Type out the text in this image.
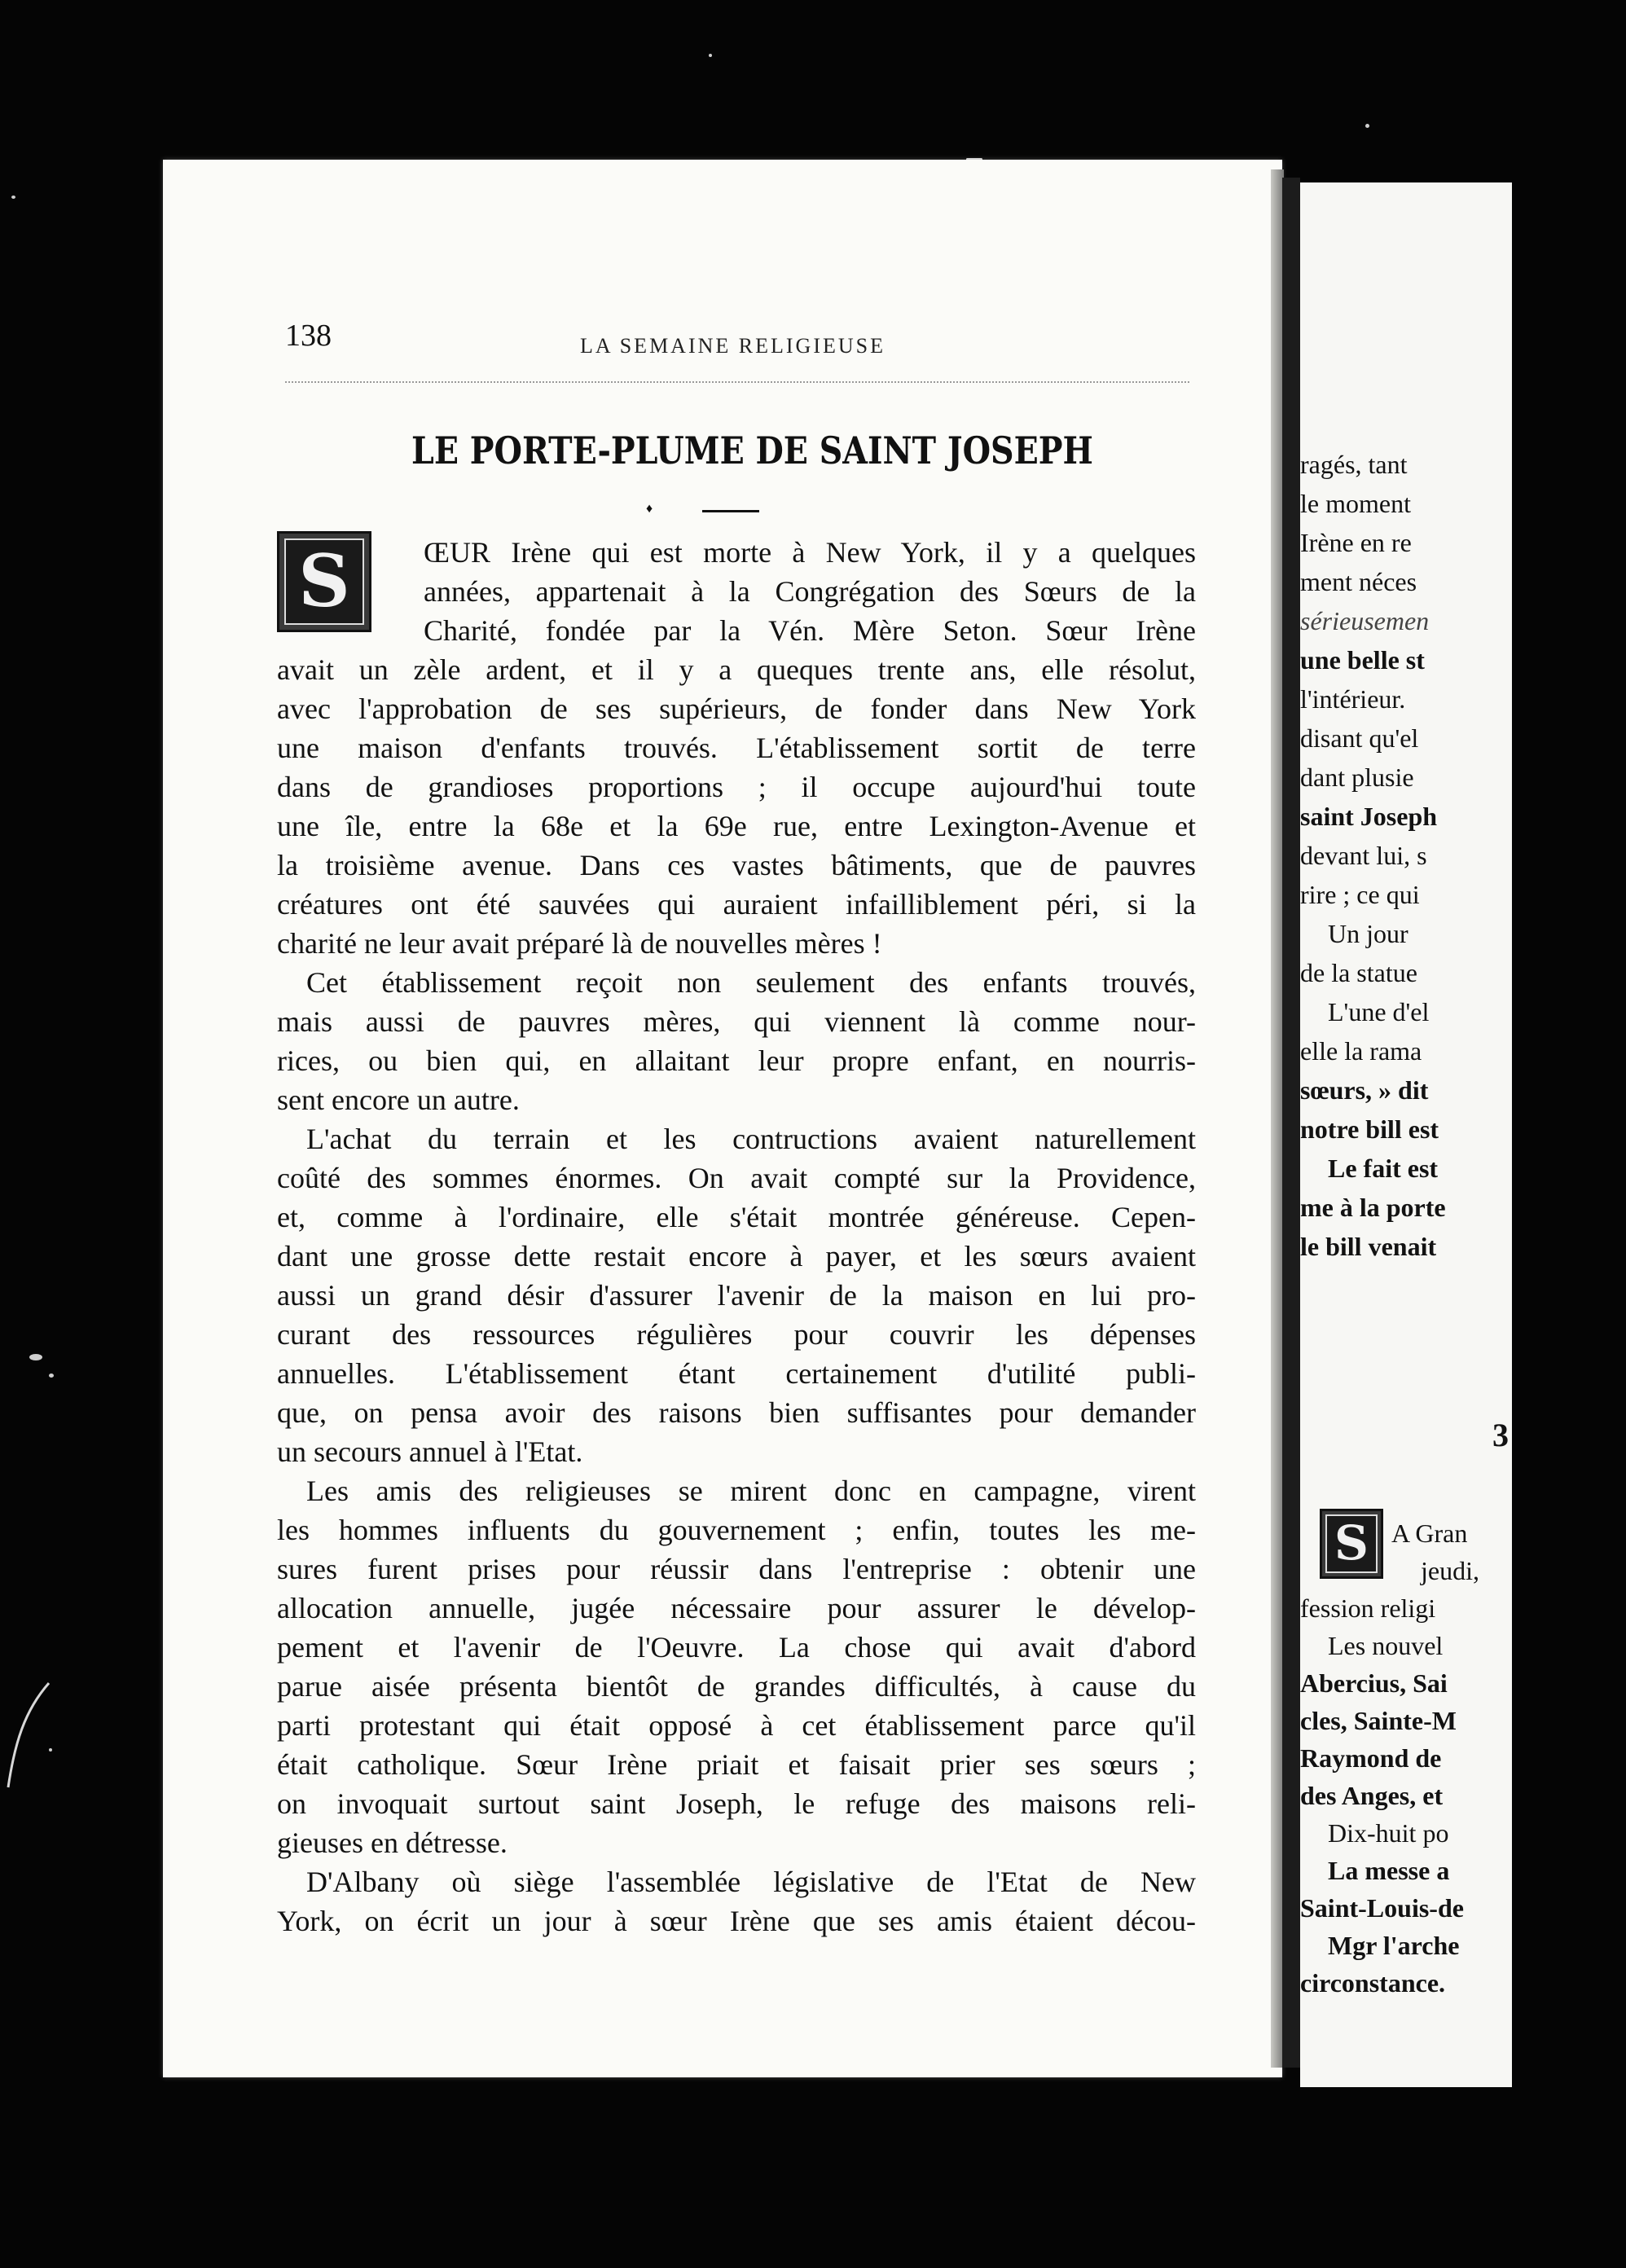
138	LA SEMAINE RELIGIEUSE
LE PORTE-PLUME DE SAINT JOSEPH
♦
S	ŒUR Irène qui est morte à New York, il y a quelques
années, appartenait à la Congrégation des Sœurs de la
Charité, fondée par la Vén. Mère Seton. Sœur Irène
avait un zèle ardent, et il y a queques trente ans, elle résolut,
avec l'approbation de ses supérieurs, de fonder dans New York
une maison d'enfants trouvés. L'établissement sortit de terre
dans de grandioses proportions ; il occupe aujourd'hui toute
une île, entre la 68e et la 69e rue, entre Lexington-Avenue et
la troisième avenue. Dans ces vastes bâtiments, que de pauvres
créatures ont été sauvées qui auraient infailliblement péri, si la
charité ne leur avait préparé là de nouvelles mères !
Cet établissement reçoit non seulement des enfants trouvés,
mais aussi de pauvres mères, qui viennent là comme nour-
rices, ou bien qui, en allaitant leur propre enfant, en nourris-
sent encore un autre.
L'achat du terrain et les contructions avaient naturellement
coûté des sommes énormes. On avait compté sur la Providence,
et, comme à l'ordinaire, elle s'était montrée généreuse. Cepen-
dant une grosse dette restait encore à payer, et les sœurs avaient
aussi un grand désir d'assurer l'avenir de la maison en lui pro-
curant des ressources régulières pour couvrir les dépenses
annuelles. L'établissement étant certainement d'utilité publi-
que, on pensa avoir des raisons bien suffisantes pour demander
un secours annuel à l'Etat.
Les amis des religieuses se mirent donc en campagne, virent
les hommes influents du gouvernement ; enfin, toutes les me-
sures furent prises pour réussir dans l'entreprise : obtenir une
allocation annuelle, jugée nécessaire pour assurer le dévelop-
pement et l'avenir de l'Oeuvre. La chose qui avait d'abord
parue aisée présenta bientôt de grandes difficultés, à cause du
parti protestant qui était opposé à cet établissement parce qu'il
était catholique. Sœur Irène priait et faisait prier ses sœurs ;
on invoquait surtout saint Joseph, le refuge des maisons reli-
gieuses en détresse.
D'Albany où siège l'assemblée législative de l'Etat de New
York, on écrit un jour à sœur Irène que ses amis étaient décou-
ragés, tant
le moment
Irène en re
ment néces
sérieusemen
une belle st
l'intérieur.
disant qu'el
dant plusie
saint Joseph
devant lui, s
rire ; ce qui
Un jour
de la statue
L'une d'el
elle la rama
sœurs, » dit
notre bill est
Le fait est
me à la porte
le bill venait
3
S A Gran
jeudi,
fession religi
Les nouvel
Abercius, Sai
cles, Sainte-M
Raymond de
des Anges, et
Dix-huit po
La messe a
Saint-Louis-de
Mgr l'arche
circonstance.
